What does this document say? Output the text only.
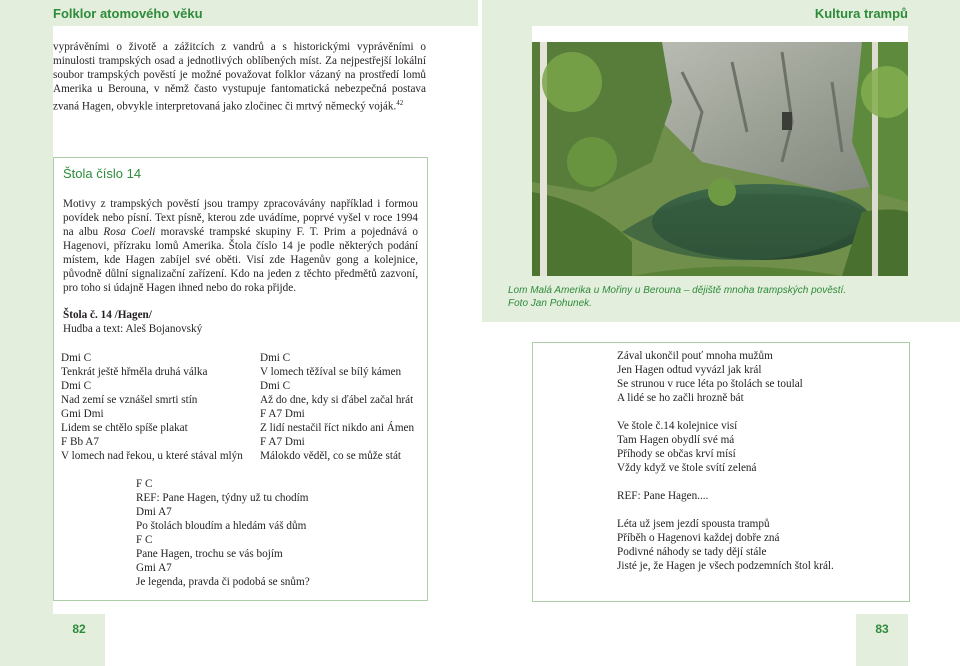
Folklor atomového věku	Kultura trampů
vyprávěními o životě a zážitcích z vandrů a s historickými vyprávěními o minulosti trampských osad a jednotlivých oblíbených míst. Za nejpestřejší lokální soubor trampských pověstí je možné považovat folklor vázaný na prostředí lomů Amerika u Berouna, v němž často vystupuje fantomatická nebezpečná postava zvaná Hagen, obvykle interpretovaná jako zločinec či mrtvý německý voják.$^{42}$
Štola číslo 14
Motivy z trampských pověstí jsou trampy zpracovávány například i formou povídek nebo písní. Text písně, kterou zde uvádíme, poprvé vyšel v roce 1994 na albu Rosa Coeli moravské trampské skupiny F. T. Prim a pojednává o Hagenovi, přízraku lomů Amerika. Štola číslo 14 je podle některých podání místem, kde Hagen zabíjel své oběti. Visí zde Hagenův gong a kolejnice, původně důlní signalizační zařízení. Kdo na jeden z těchto předmětů zazvoní, pro toho si údajně Hagen ihned nebo do roka přijde.
Štola č. 14 /Hagen/
Hudba a text: Aleš Bojanovský
Dmi C
Tenkrát ještě hřměla druhá válka
Dmi C
Nad zemí se vznášel smrti stín
Gmi Dmi
Lidem se chtělo spíše plakat
F Bb A7
V lomech nad řekou, u které stával mlýn
Dmi C
V lomech těžíval se bílý kámen
Dmi C
Až do dne, kdy si ďábel začal hrát
F A7 Dmi
Z lidí nestačil říct nikdo ani Ámen
F A7 Dmi
Málokdo věděl, co se může stát
F C
REF: Pane Hagen, týdny už tu chodím
Dmi A7
Po štolách bloudím a hledám váš dům
F C
Pane Hagen, trochu se vás bojím
Gmi A7
Je legenda, pravda či podobá se snům?
Lom Malá Amerika u Mořiny u Berouna – dějiště mnoha trampských pověstí.
Foto Jan Pohunek.
Zával ukončil pouť mnoha mužům
Jen Hagen odtud vyvázl jak král
Se strunou v ruce léta po štolách se toulal
A lidé se ho začli hrozně bát
Ve štole č.14 kolejnice visí
Tam Hagen obydlí své má
Příhody se občas krví mísí
Vždy když ve štole svítí zelená
REF: Pane Hagen....
Léta už jsem jezdí spousta trampů
Příběh o Hagenovi každej dobře zná
Podivné náhody se tady dějí stále
Jisté je, že Hagen je všech podzemních štol král.
82	83
